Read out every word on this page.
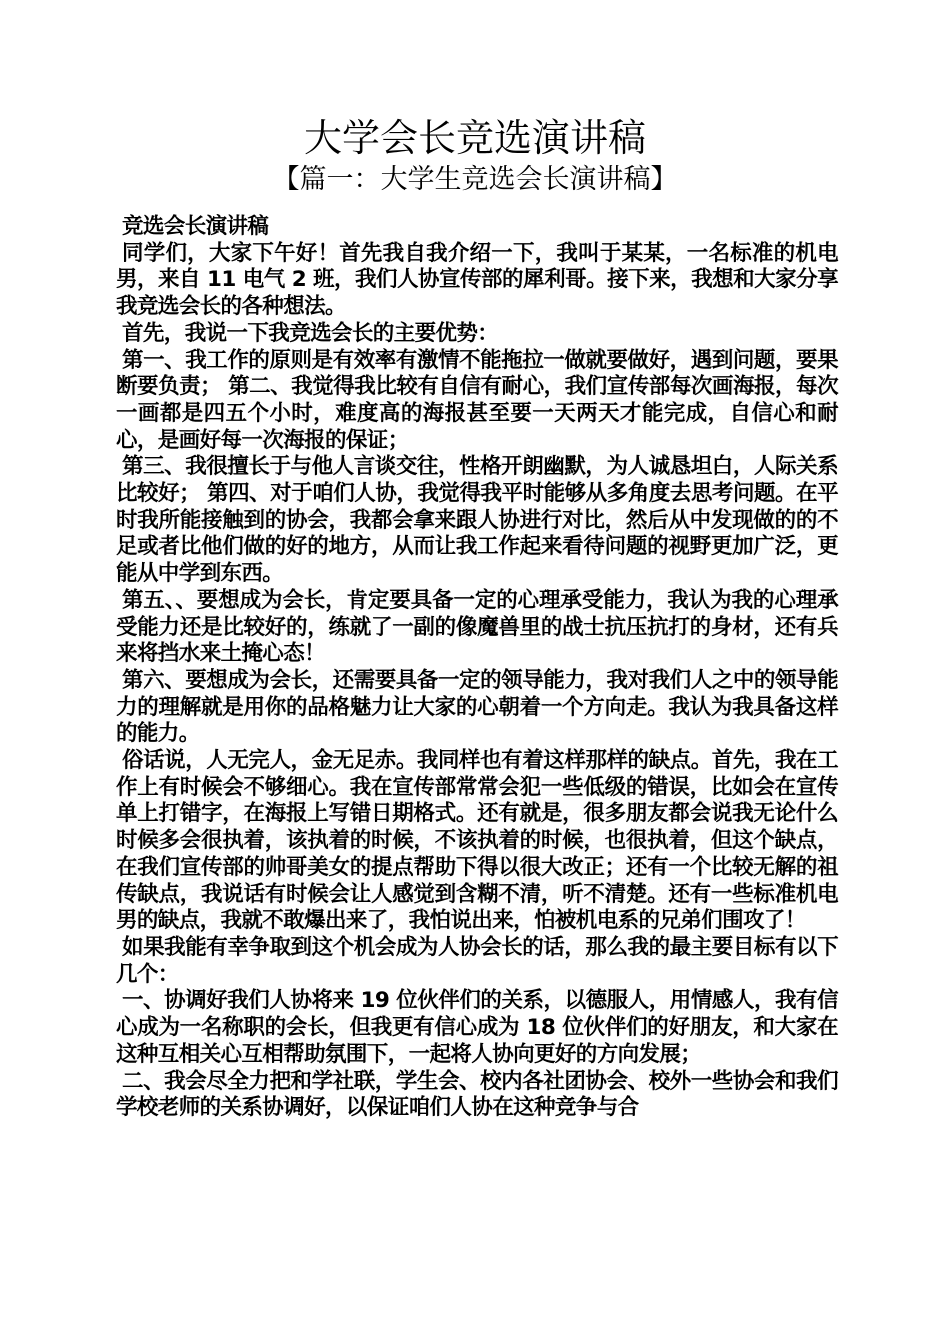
大学会长竞选演讲稿
【篇一：大学生竞选会长演讲稿】

竞选会长演讲稿

同学们，大家下午好！首先我自我介绍一下，我叫于某某，一名标准的机电男，来自 11 电气 2 班，我们人协宣传部的犀利哥。接下来，我想和大家分享我竞选会长的各种想法。

首先，我说一下我竞选会长的主要优势：

第一、我工作的原则是有效率有激情不能拖拉一做就要做好，遇到问题，要果断要负责； 第二、我觉得我比较有自信有耐心，我们宣传部每次画海报，每次一画都是四五个小时，难度高的海报甚至要一天两天才能完成，自信心和耐心，是画好每一次海报的保证；

第三、我很擅长于与他人言谈交往，性格开朗幽默，为人诚恳坦白，人际关系比较好； 第四、对于咱们人协，我觉得我平时能够从多角度去思考问题。在平时我所能接触到的协会，我都会拿来跟人协进行对比，然后从中发现做的的不足或者比他们做的好的地方，从而让我工作起来看待问题的视野更加广泛，更能从中学到东西。

第五、、要想成为会长，肯定要具备一定的心理承受能力，我认为我的心理承受能力还是比较好的，练就了一副的像魔兽里的战士抗压抗打的身材，还有兵来将挡水来土掩心态！

第六、要想成为会长，还需要具备一定的领导能力，我对我们人之中的领导能力的理解就是用你的品格魅力让大家的心朝着一个方向走。我认为我具备这样的能力。

俗话说，人无完人，金无足赤。我同样也有着这样那样的缺点。首先，我在工作上有时候会不够细心。我在宣传部常常会犯一些低级的错误，比如会在宣传单上打错字，在海报上写错日期格式。还有就是，很多朋友都会说我无论什么时候多会很执着，该执着的时候，不该执着的时候，也很执着，但这个缺点，在我们宣传部的帅哥美女的提点帮助下得以很大改正；还有一个比较无解的祖传缺点，我说话有时候会让人感觉到含糊不清，听不清楚。还有一些标准机电男的缺点，我就不敢爆出来了，我怕说出来，怕被机电系的兄弟们围攻了！

如果我能有幸争取到这个机会成为人协会长的话，那么我的最主要目标有以下几个：

一、协调好我们人协将来 19 位伙伴们的关系，以德服人，用情感人，我有信心成为一名称职的会长，但我更有信心成为 18 位伙伴们的好朋友，和大家在这种互相关心互相帮助氛围下，一起将人协向更好的方向发展；

二、我会尽全力把和学社联，学生会、校内各社团协会、校外一些协会和我们学校老师的关系协调好，以保证咱们人协在这种竞争与合
